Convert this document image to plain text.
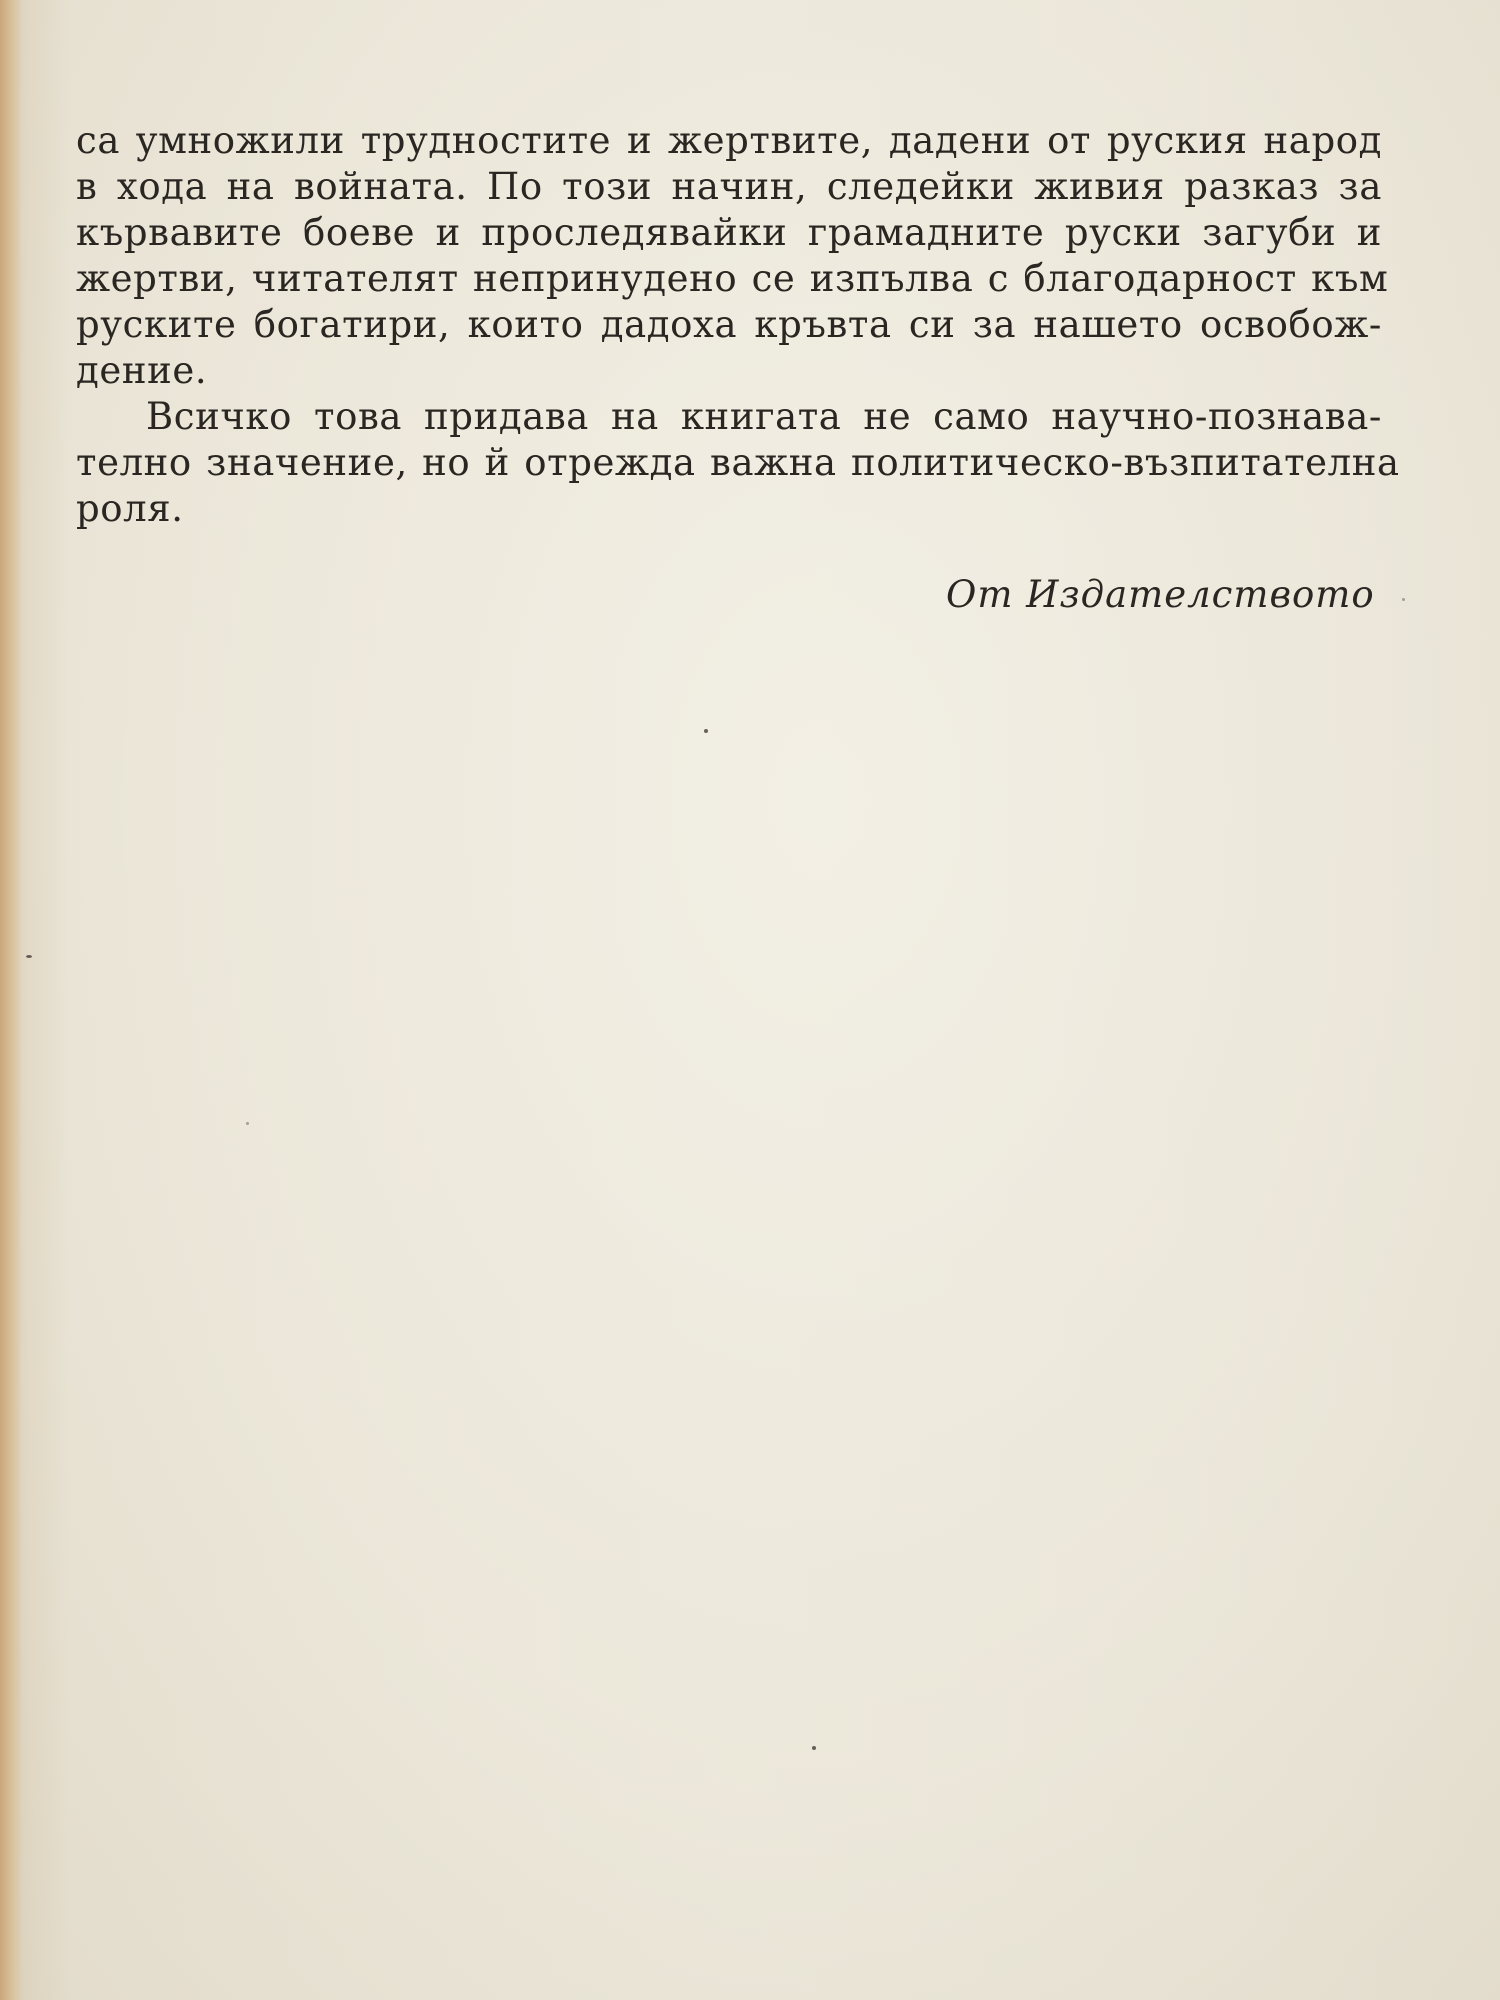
са умножили трудностите и жертвите, дадени от руския народ
в хода на войната. По този начин, следейки живия разказ за
кървавите боеве и проследявайки грамадните руски загуби и
жертви, читателят непринудено се изпълва с благодарност към
руските богатири, които дадоха кръвта си за нашето освобож-
дение.

Всичко това придава на книгата не само научно-познава-
телно значение, но й отрежда важна политическо-възпитателна
роля.

От Издателството
